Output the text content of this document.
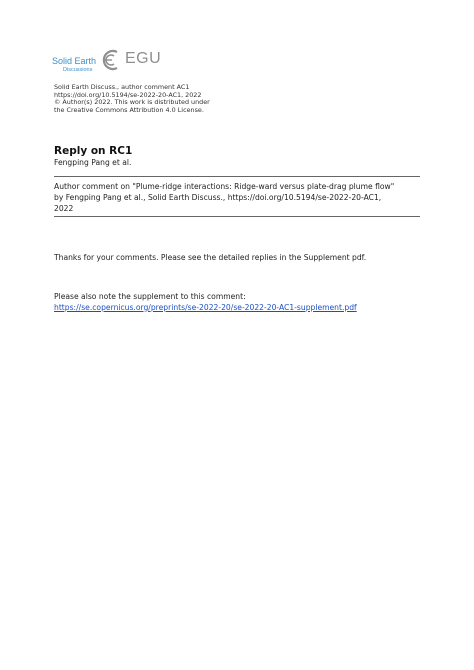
Solid Earth
Discussions
EGU
Solid Earth Discuss., author comment AC1
https://doi.org/10.5194/se-2022-20-AC1, 2022
© Author(s) 2022. This work is distributed under
the Creative Commons Attribution 4.0 License.
Reply on RC1
Fengping Pang et al.
Author comment on "Plume-ridge interactions: Ridge-ward versus plate-drag plume flow"
by Fengping Pang et al., Solid Earth Discuss., https://doi.org/10.5194/se-2022-20-AC1,
2022
Thanks for your comments. Please see the detailed replies in the Supplement pdf.
Please also note the supplement to this comment:
https://se.copernicus.org/preprints/se-2022-20/se-2022-20-AC1-supplement.pdf
